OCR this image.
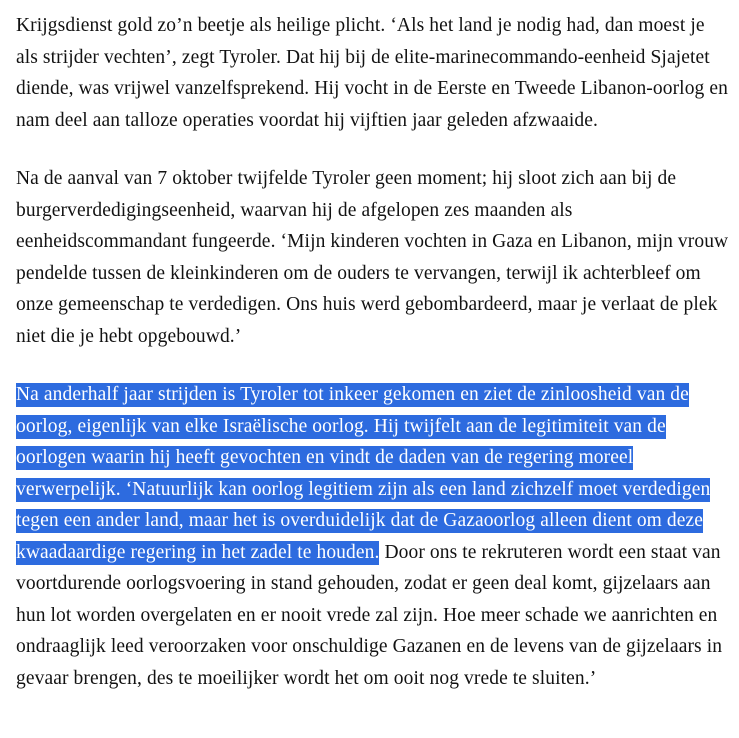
Krijgsdienst gold zo’n beetje als heilige plicht. ‘Als het land je nodig had, dan moest je als strijder vechten’, zegt Tyroler. Dat hij bij de elite-marinecommando-eenheid Sjajetet diende, was vrijwel vanzelfsprekend. Hij vocht in de Eerste en Tweede Libanon-oorlog en nam deel aan talloze operaties voordat hij vijftien jaar geleden afzwaaide.

Na de aanval van 7 oktober twijfelde Tyroler geen moment; hij sloot zich aan bij de burgerverdedigingseenheid, waarvan hij de afgelopen zes maanden als eenheidscommandant fungeerde. ‘Mijn kinderen vochten in Gaza en Libanon, mijn vrouw pendelde tussen de kleinkinderen om de ouders te vervangen, terwijl ik achterbleef om onze gemeenschap te verdedigen. Ons huis werd gebombardeerd, maar je verlaat de plek niet die je hebt opgebouwd.’

Na anderhalf jaar strijden is Tyroler tot inkeer gekomen en ziet de zinloosheid van de oorlog, eigenlijk van elke Israëlische oorlog. Hij twijfelt aan de legitimiteit van de oorlogen waarin hij heeft gevochten en vindt de daden van de regering moreel verwerpelijk. ‘Natuurlijk kan oorlog legitiem zijn als een land zichzelf moet verdedigen tegen een ander land, maar het is overduidelijk dat de Gazaoorlog alleen dient om deze kwaadaardige regering in het zadel te houden. Door ons te rekruteren wordt een staat van voortdurende oorlogsvoering in stand gehouden, zodat er geen deal komt, gijzelaars aan hun lot worden overgelaten en er nooit vrede zal zijn. Hoe meer schade we aanrichten en ondraaglijk leed veroorzaken voor onschuldige Gazanen en de levens van de gijzelaars in gevaar brengen, des te moeilijker wordt het om ooit nog vrede te sluiten.’
